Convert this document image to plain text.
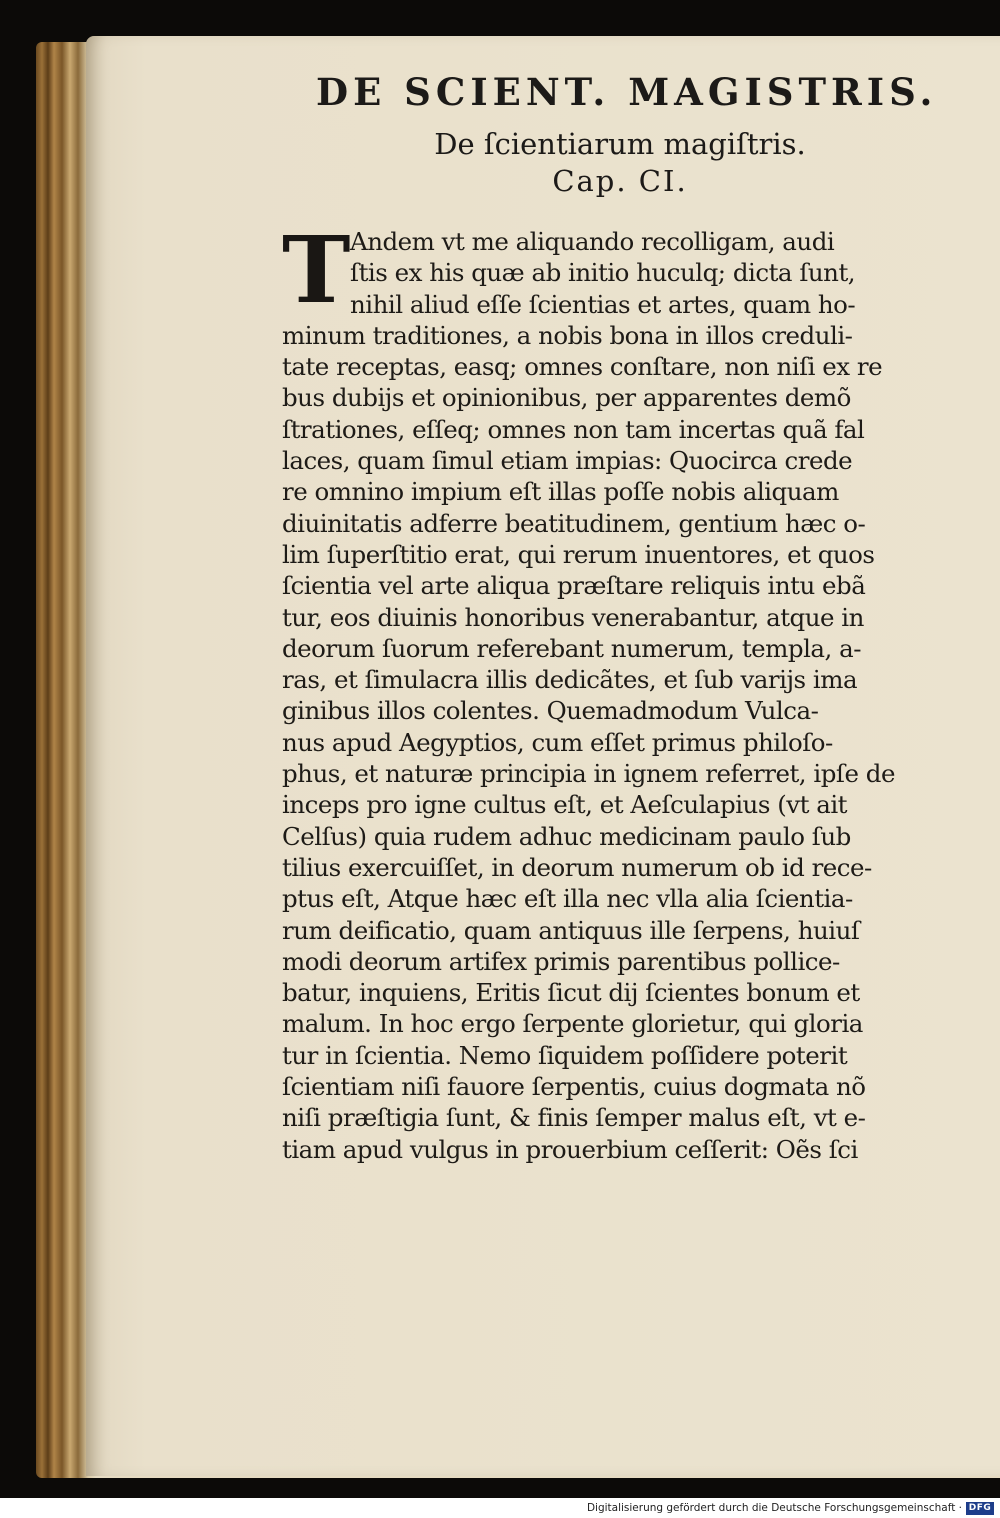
DE SCIENT. MAGISTRIS.
De ſcientiarum magiſtris.
Cap. CI.
T Andem vt me aliquando recolligam, audi
ſtis ex his quæ ab initio huculq; dicta ſunt,
nihil aliud eſſe ſcientias et artes, quam ho-
minum traditiones, a nobis bona in illos creduli-
tate receptas, easq; omnes conſtare, non niſi ex re
bus dubijs et opinionibus, per apparentes demõ
ſtrationes, eſſeq; omnes non tam incertas quã fal
laces, quam ſimul etiam impias: Quocirca crede
re omnino impium eſt illas poſſe nobis aliquam
diuinitatis adferre beatitudinem, gentium hæc o-
lim ſuperſtitio erat, qui rerum inuentores, et quos
ſcientia vel arte aliqua præſtare reliquis intu ebã
tur, eos diuinis honoribus venerabantur, atque in
deorum ſuorum referebant numerum, templa, a-
ras, et ſimulacra illis dedicãtes, et ſub varijs ima
ginibus illos colentes. Quemadmodum Vulca-
nus apud Aegyptios, cum eſſet primus philoſo-
phus, et naturæ principia in ignem referret, ipſe de
inceps pro igne cultus eſt, et Aeſculapius (vt ait
Celſus) quia rudem adhuc medicinam paulo ſub
tilius exercuiſſet, in deorum numerum ob id rece-
ptus eſt, Atque hæc eſt illa nec vlla alia ſcientia-
rum deificatio, quam antiquus ille ſerpens, huiuſ
modi deorum artifex primis parentibus pollice-
batur, inquiens, Eritis ſicut dij ſcientes bonum et
malum. In hoc ergo ſerpente glorietur, qui gloria
tur in ſcientia. Nemo ſiquidem poſſidere poterit
ſcientiam niſi fauore ſerpentis, cuius dogmata nõ
niſi præſtigia ſunt, & finis ſemper malus eſt, vt e-
tiam apud vulgus in prouerbium ceſſerit: Oẽs ſci
Digitalisierung gefördert durch die Deutsche Forschungsgemeinschaft · DFG
